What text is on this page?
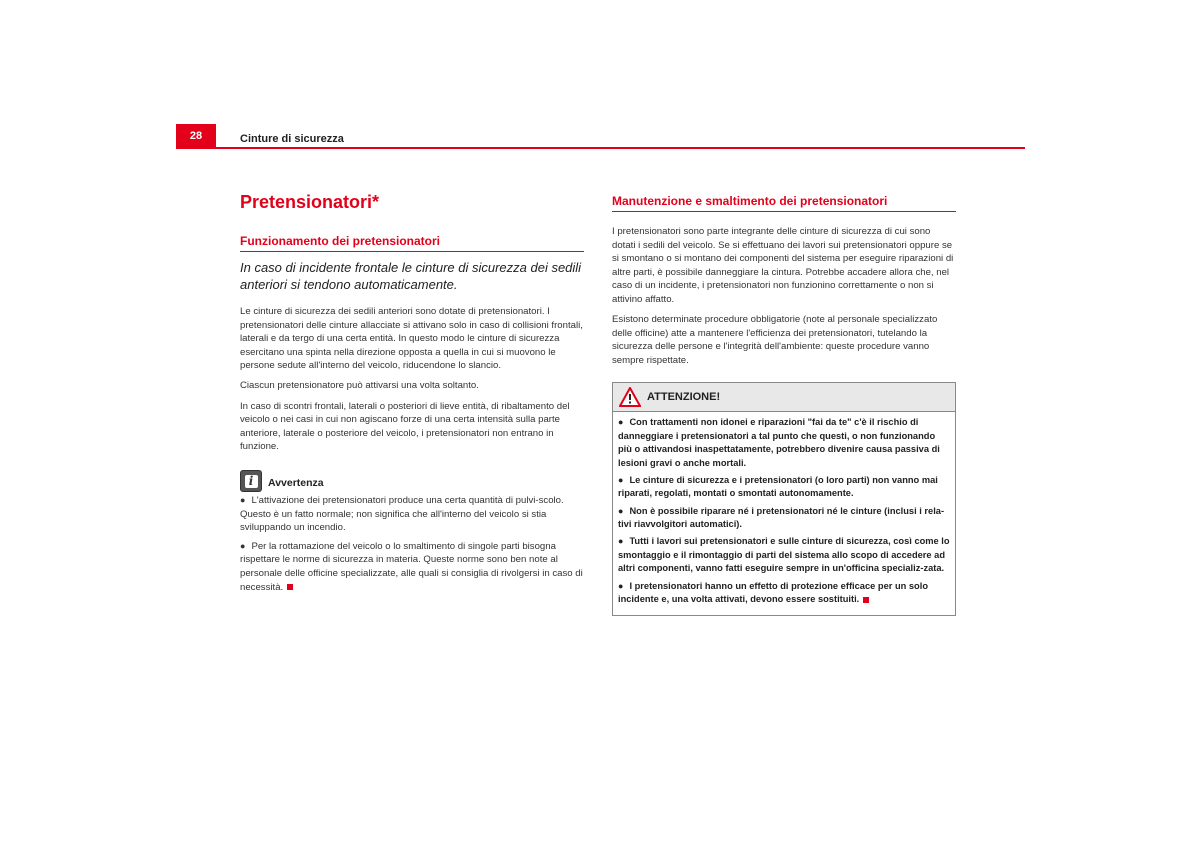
28	Cinture di sicurezza
Pretensionatori*
Funzionamento dei pretensionatori

In caso di incidente frontale le cinture di sicurezza dei sedili anteriori si tendono automaticamente.

Le cinture di sicurezza dei sedili anteriori sono dotate di pretensionatori. I pretensionatori delle cinture allacciate si attivano solo in caso di collisioni frontali, laterali e da tergo di una certa entità. In questo modo le cinture di sicurezza esercitano una spinta nella direzione opposta a quella in cui si muovono le persone sedute all'interno del veicolo, riducendone lo slancio.

Ciascun pretensionatore può attivarsi una volta soltanto.

In caso di scontri frontali, laterali o posteriori di lieve entità, di ribaltamento del veicolo o nei casi in cui non agiscano forze di una certa intensità sulla parte anteriore, laterale o posteriore del veicolo, i pretensionatori non entrano in funzione.

i	Avvertenza
● L'attivazione dei pretensionatori produce una certa quantità di pulvi-scolo. Questo è un fatto normale; non significa che all'interno del veicolo si stia sviluppando un incendio.
● Per la rottamazione del veicolo o lo smaltimento di singole parti bisogna rispettare le norme di sicurezza in materia. Queste norme sono ben note al personale delle officine specializzate, alle quali si consiglia di rivolgersi in caso di necessità.
Manutenzione e smaltimento dei pretensionatori

I pretensionatori sono parte integrante delle cinture di sicurezza di cui sono dotati i sedili del veicolo. Se si effettuano dei lavori sui pretensionatori oppure se si smontano o si montano dei componenti del sistema per eseguire riparazioni di altre parti, è possibile danneggiare la cintura. Potrebbe accadere allora che, nel caso di un incidente, i pretensionatori non funzionino correttamente o non si attivino affatto.

Esistono determinate procedure obbligatorie (note al personale specializzato delle officine) atte a mantenere l'efficienza dei pretensionatori, tutelando la sicurezza delle persone e l'integrità dell'ambiente: queste procedure vanno sempre rispettate.

ATTENZIONE!
● Con trattamenti non idonei e riparazioni "fai da te" c'è il rischio di danneggiare i pretensionatori a tal punto che questi, o non funzionando più o attivandosi inaspettatamente, potrebbero divenire causa passiva di lesioni gravi o anche mortali.
● Le cinture di sicurezza e i pretensionatori (o loro parti) non vanno mai riparati, regolati, montati o smontati autonomamente.
● Non è possibile riparare né i pretensionatori né le cinture (inclusi i rela-tivi riavvolgitori automatici).
● Tutti i lavori sui pretensionatori e sulle cinture di sicurezza, così come lo smontaggio e il rimontaggio di parti del sistema allo scopo di accedere ad altri componenti, vanno fatti eseguire sempre in un'officina specializ-zata.
● I pretensionatori hanno un effetto di protezione efficace per un solo incidente e, una volta attivati, devono essere sostituiti.
